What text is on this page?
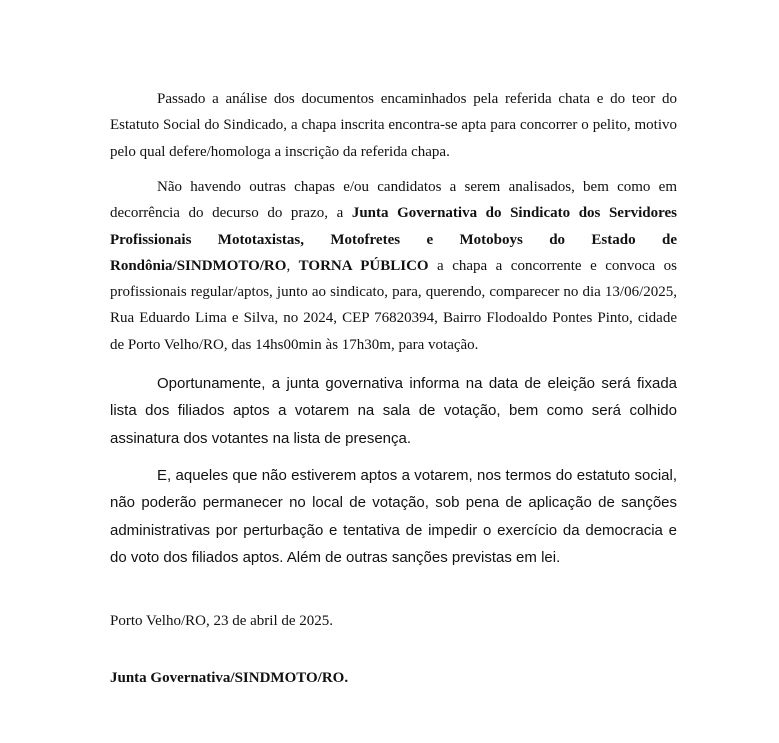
Passado a análise dos documentos encaminhados pela referida chata e do teor do Estatuto Social do Sindicado, a chapa inscrita encontra-se apta para concorrer o pelito, motivo pelo qual defere/homologa a inscrição da referida chapa.

Não havendo outras chapas e/ou candidatos a serem analisados, bem como em decorrência do decurso do prazo, a Junta Governativa do Sindicato dos Servidores Profissionais Mototaxistas, Motofretes e Motoboys do Estado de Rondônia/SINDMOTO/RO, TORNA PÚBLICO a chapa a concorrente e convoca os profissionais regular/aptos, junto ao sindicato, para, querendo, comparecer no dia 13/06/2025, Rua Eduardo Lima e Silva, no 2024, CEP 76820394, Bairro Flodoaldo Pontes Pinto, cidade de Porto Velho/RO, das 14hs00min às 17h30m, para votação.

Oportunamente, a junta governativa informa na data de eleição será fixada lista dos filiados aptos a votarem na sala de votação, bem como será colhido assinatura dos votantes na lista de presença.

E, aqueles que não estiverem aptos a votarem, nos termos do estatuto social, não poderão permanecer no local de votação, sob pena de aplicação de sanções administrativas por perturbação e tentativa de impedir o exercício da democracia e do voto dos filiados aptos. Além de outras sanções previstas em lei.

Porto Velho/RO, 23 de abril de 2025.

Junta Governativa/SINDMOTO/RO.
